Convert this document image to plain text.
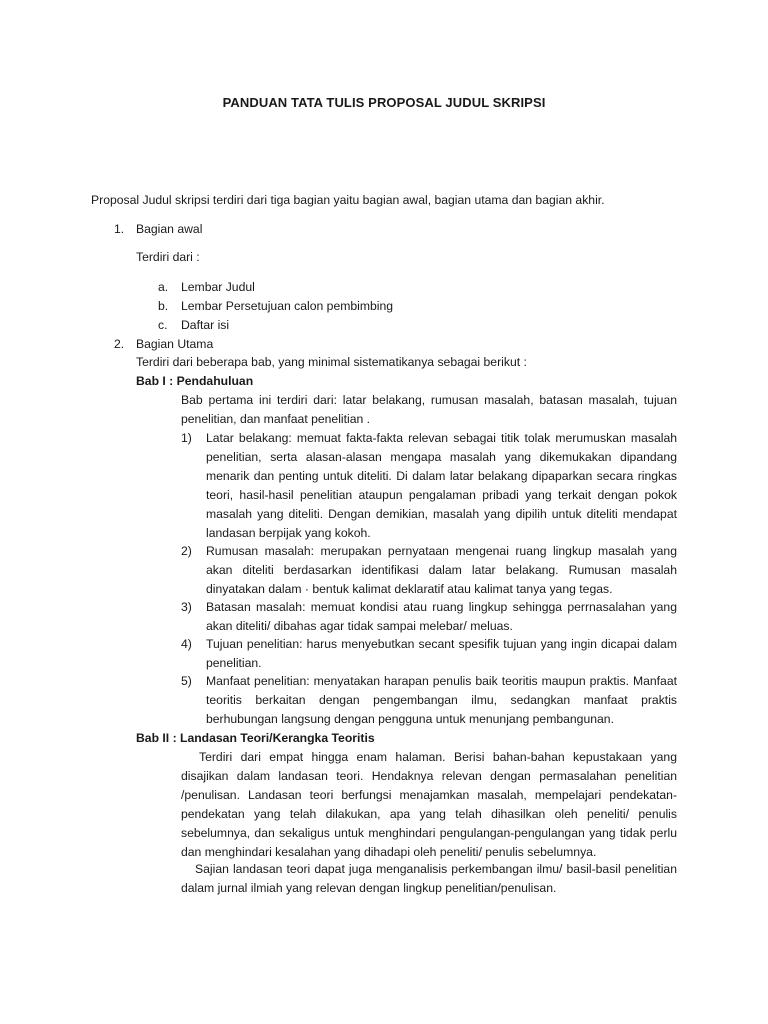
PANDUAN TATA TULIS PROPOSAL JUDUL SKRIPSI
Proposal Judul skripsi terdiri dari tiga bagian yaitu bagian awal, bagian utama dan bagian akhir.
1. Bagian awal
Terdiri dari :
a.	Lembar Judul
b.	Lembar Persetujuan calon pembimbing
c.	Daftar isi
2. Bagian Utama
Terdiri dari beberapa bab, yang minimal sistematikanya sebagai berikut :
Bab I : Pendahuluan
Bab pertama ini terdiri dari: latar belakang, rumusan masalah, batasan masalah, tujuan penelitian, dan manfaat penelitian .
1)	Latar belakang: memuat fakta-fakta relevan sebagai titik tolak merumuskan masalah penelitian, serta alasan-alasan mengapa masalah yang dikemukakan dipandang menarik dan penting untuk diteliti. Di dalam latar belakang dipaparkan secara ringkas teori, hasil-hasil penelitian ataupun pengalaman pribadi yang terkait dengan pokok masalah yang diteliti. Dengan demikian, masalah yang dipilih untuk diteliti mendapat landasan berpijak yang kokoh.
2)	Rumusan masalah: merupakan pernyataan mengenai ruang lingkup masalah yang akan diteliti berdasarkan identifikasi dalam latar belakang. Rumusan masalah dinyatakan dalam · bentuk kalimat deklaratif atau kalimat tanya yang tegas.
3)	Batasan masalah: memuat kondisi atau ruang lingkup sehingga perrnasalahan yang akan diteliti/ dibahas agar tidak sampai melebar/ meluas.
4)	Tujuan penelitian: harus menyebutkan secant spesifik tujuan yang ingin dicapai dalam penelitian.
5)	Manfaat penelitian: menyatakan harapan penulis baik teoritis maupun praktis. Manfaat teoritis berkaitan dengan pengembangan ilmu, sedangkan manfaat praktis berhubungan langsung dengan pengguna untuk menunjang pembangunan.
Bab II : Landasan Teori/Kerangka Teoritis
Terdiri dari empat hingga enam halaman. Berisi bahan-bahan kepustakaan yang disajikan dalam landasan teori. Hendaknya relevan dengan permasalahan penelitian /penulisan. Landasan teori berfungsi menajamkan masalah, mempelajari pendekatan-pendekatan yang telah dilakukan, apa yang telah dihasilkan oleh peneliti/ penulis sebelumnya, dan sekaligus untuk menghindari pengulangan-pengulangan yang tidak perlu dan menghindari kesalahan yang dihadapi oleh peneliti/ penulis sebelumnya.
Sajian landasan teori dapat juga menganalisis perkembangan ilmu/ basil-basil penelitian dalam jurnal ilmiah yang relevan dengan lingkup penelitian/penulisan.
